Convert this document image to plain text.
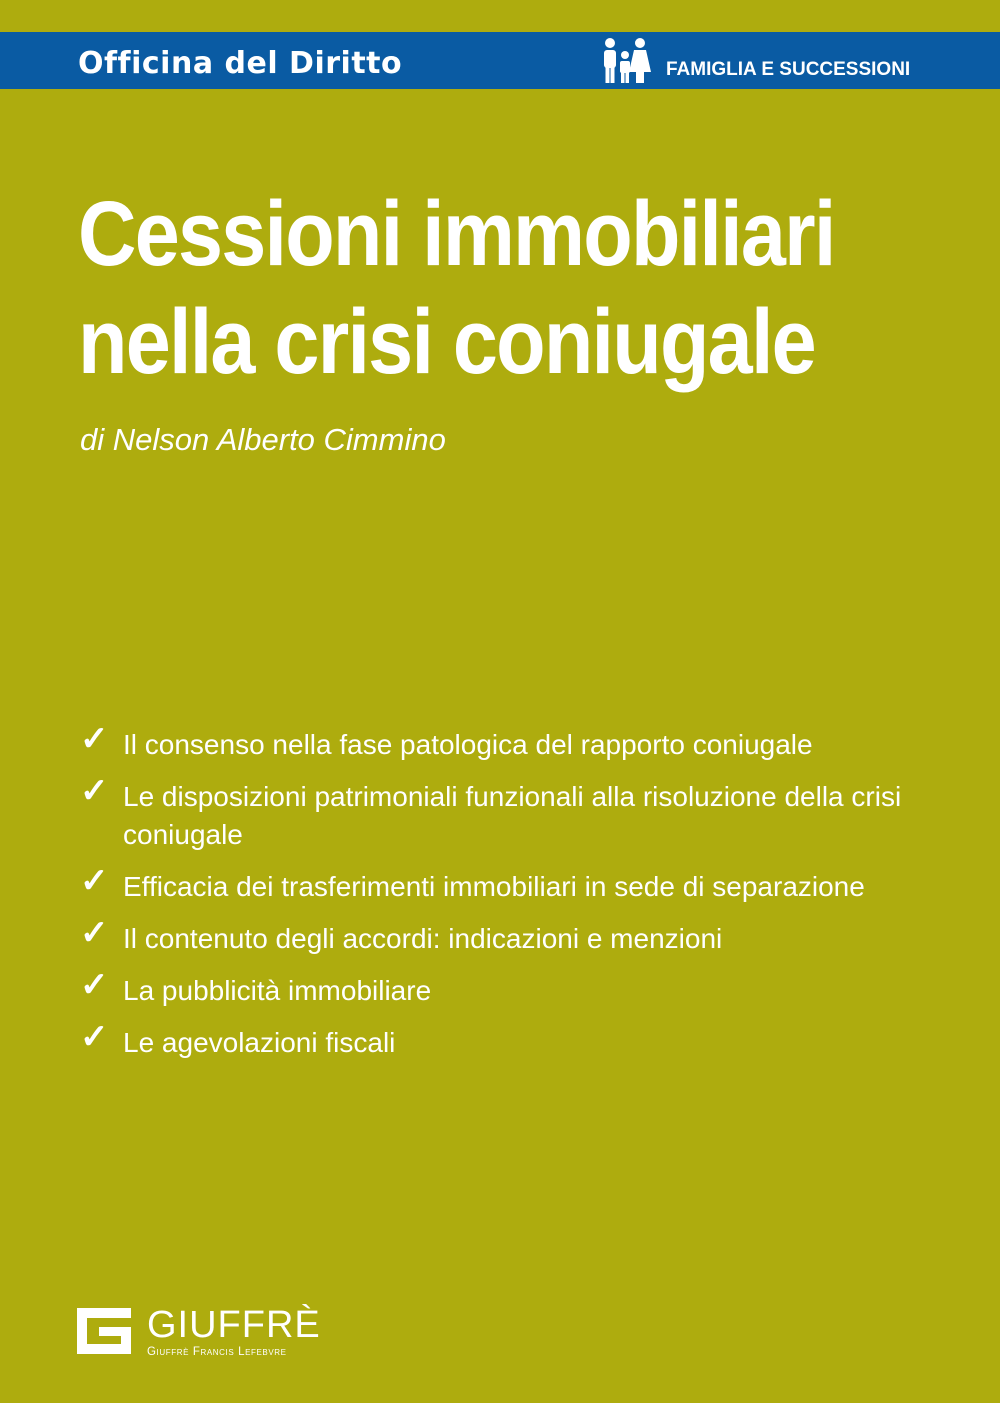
Officina del Diritto	FAMIGLIA E SUCCESSIONI
Cessioni immobiliari
nella crisi coniugale
di Nelson Alberto Cimmino
✓ Il consenso nella fase patologica del rapporto coniugale
✓ Le disposizioni patrimoniali funzionali alla risoluzione della crisi coniugale
✓ Efficacia dei trasferimenti immobiliari in sede di separazione
✓ Il contenuto degli accordi: indicazioni e menzioni
✓ La pubblicità immobiliare
✓ Le agevolazioni fiscali
GIUFFRÈ
Giuffrè Francis Lefebvre
